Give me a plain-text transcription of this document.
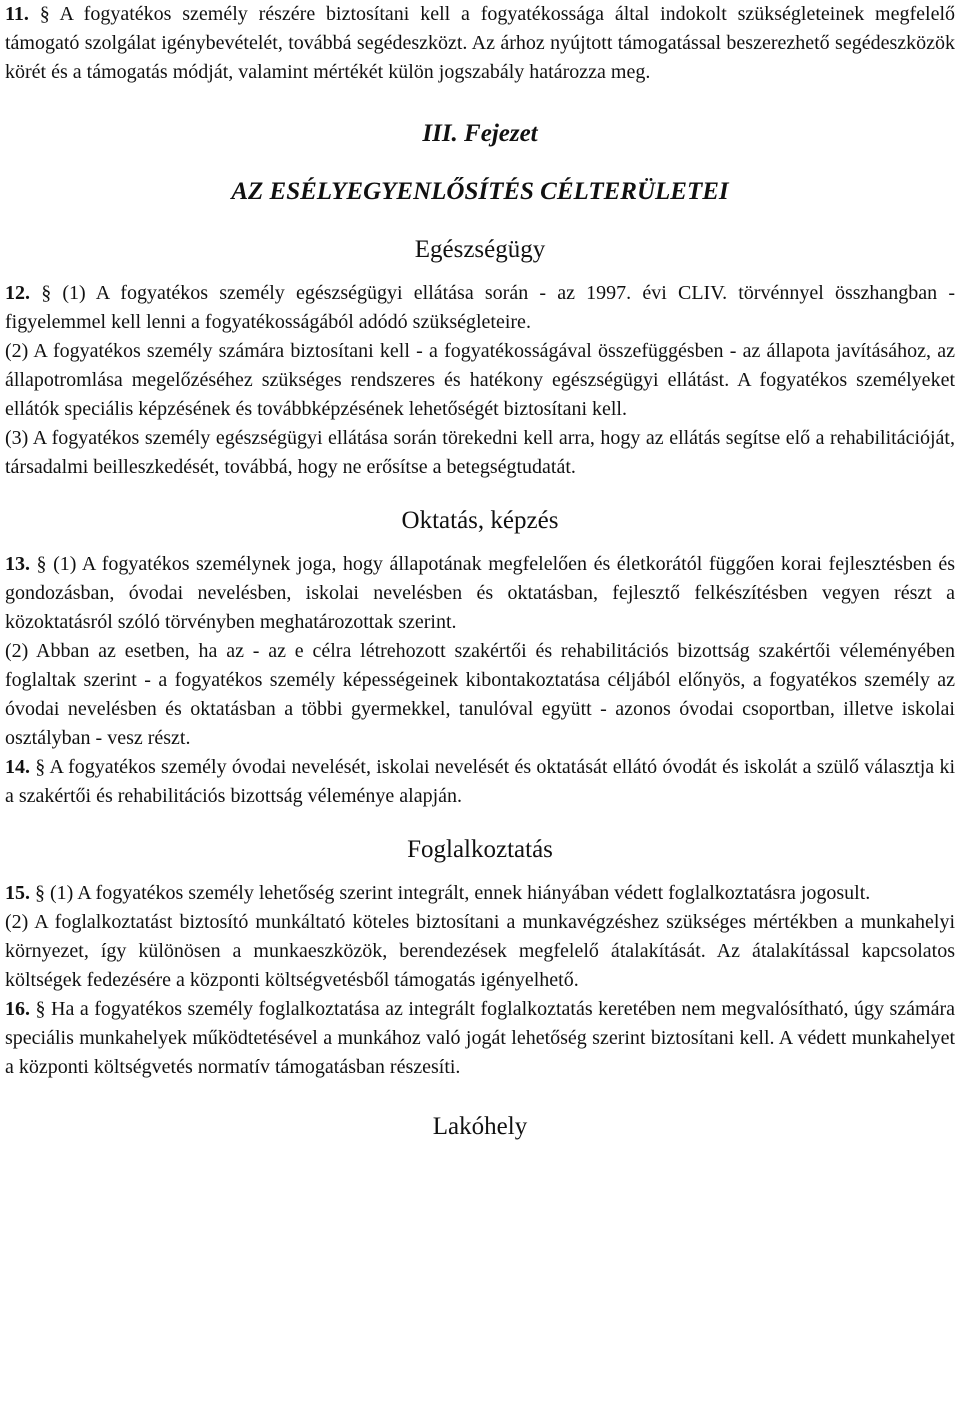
11. § A fogyatékos személy részére biztosítani kell a fogyatékossága által indokolt szükségleteinek megfelelő támogató szolgálat igénybevételét, továbbá segédeszközt. Az árhoz nyújtott támogatással beszerezhető segédeszközök körét és a támogatás módját, valamint mértékét külön jogszabály határozza meg.

III. Fejezet

AZ ESÉLYEGYENLŐSÍTÉS CÉLTERÜLETEI

Egészségügy

12. § (1) A fogyatékos személy egészségügyi ellátása során - az 1997. évi CLIV. törvénnyel összhangban - figyelemmel kell lenni a fogyatékosságából adódó szükségleteire.

(2) A fogyatékos személy számára biztosítani kell - a fogyatékosságával összefüggésben - az állapota javításához, az állapotromlása megelőzéséhez szükséges rendszeres és hatékony egészségügyi ellátást. A fogyatékos személyeket ellátók speciális képzésének és továbbképzésének lehetőségét biztosítani kell.

(3) A fogyatékos személy egészségügyi ellátása során törekedni kell arra, hogy az ellátás segítse elő a rehabilitációját, társadalmi beilleszkedését, továbbá, hogy ne erősítse a betegségtudatát.

Oktatás, képzés

13. § (1) A fogyatékos személynek joga, hogy állapotának megfelelően és életkorától függően korai fejlesztésben és gondozásban, óvodai nevelésben, iskolai nevelésben és oktatásban, fejlesztő felkészítésben vegyen részt a közoktatásról szóló törvényben meghatározottak szerint.

(2) Abban az esetben, ha az - az e célra létrehozott szakértői és rehabilitációs bizottság szakértői véleményében foglaltak szerint - a fogyatékos személy képességeinek kibontakoztatása céljából előnyös, a fogyatékos személy az óvodai nevelésben és oktatásban a többi gyermekkel, tanulóval együtt - azonos óvodai csoportban, illetve iskolai osztályban - vesz részt.

14. § A fogyatékos személy óvodai nevelését, iskolai nevelését és oktatását ellátó óvodát és iskolát a szülő választja ki a szakértői és rehabilitációs bizottság véleménye alapján.

Foglalkoztatás

15. § (1) A fogyatékos személy lehetőség szerint integrált, ennek hiányában védett foglalkoztatásra jogosult.

(2) A foglalkoztatást biztosító munkáltató köteles biztosítani a munkavégzéshez szükséges mértékben a munkahelyi környezet, így különösen a munkaeszközök, berendezések megfelelő átalakítását. Az átalakítással kapcsolatos költségek fedezésére a központi költségvetésből támogatás igényelhető.

16. § Ha a fogyatékos személy foglalkoztatása az integrált foglalkoztatás keretében nem megvalósítható, úgy számára speciális munkahelyek működtetésével a munkához való jogát lehetőség szerint biztosítani kell. A védett munkahelyet a központi költségvetés normatív támogatásban részesíti.

Lakóhely
